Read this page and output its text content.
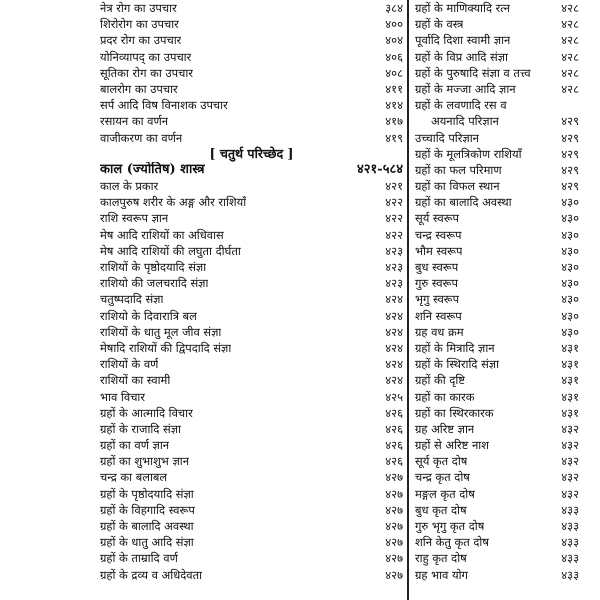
नेत्र रोग का उपचार	३८४
शिरोरोग का उपचार	४००
प्रदर रोग का उपचार	४०४
योनिव्यापद् का उपचार	४०६
सूतिका रोग का उपचार	४०८
बालरोग का उपचार	४११
सर्प आदि विष विनाशक उपचार	४१४
रसायन का वर्णन	४१७
वाजीकरण का वर्णन	४१९
[ चतुर्थ परिच्छेद ]
काल (ज्योतिष) शास्त्र	४२१-५८४
काल के प्रकार	४२१
कालपुरुष शरीर के अङ्ग और राशियाँ	४२२
राशि स्वरूप ज्ञान	४२२
मेष आदि राशियों का अधिवास	४२२
मेष आदि राशियों की लघुता दीर्घता	४२३
राशियों के पृष्ठोदयादि संज्ञा	४२३
राशियो की जलचरादि संज्ञा	४२३
चतुष्पदादि संज्ञा	४२४
राशियो के दिवारात्रि बल	४२४
राशियों के धातु मूल जीव संज्ञा	४२४
मेषादि राशियों की द्विपदादि संज्ञा	४२४
राशियों के वर्ण	४२४
राशियों का स्वामी	४२४
भाव विचार	४२५
ग्रहों के आत्मादि विचार	४२६
ग्रहों के राजादि संज्ञा	४२६
ग्रहों का वर्ण ज्ञान	४२६
ग्रहों का शुभाशुभ ज्ञान	४२६
चन्द्र का बलाबल	४२७
ग्रहों के पृष्ठोदयादि संज्ञा	४२७
ग्रहों के विहगादि स्वरूप	४२७
ग्रहों के बालादि अवस्था	४२७
ग्रहों के धातु आदि संज्ञा	४२७
ग्रहों के ताम्रादि वर्ण	४२७
ग्रहों के द्रव्य व अधिदेवता	४२७
ग्रहों के माणिक्यादि रत्न	४२८
ग्रहों के वस्त्र	४२८
पूर्वादि दिशा स्वामी ज्ञान	४२८
ग्रहों के विप्र आदि संज्ञा	४२८
ग्रहों के पुरुषादि संज्ञा व तत्त्व	४२८
ग्रहों के मज्जा आदि ज्ञान	४२८
ग्रहों के लवणादि रस व
अयनादि परिज्ञान	४२९
उच्चादि परिज्ञान	४२९
ग्रहों के मूलत्रिकोण राशियाँ	४२९
ग्रहों का फल परिमाण	४२९
ग्रहों का विफल स्थान	४२९
ग्रहों का बालादि अवस्था	४३०
सूर्य स्वरूप	४३०
चन्द्र स्वरूप	४३०
भौम स्वरूप	४३०
बुध स्वरूप	४३०
गुरु स्वरूप	४३०
भृगु स्वरूप	४३०
शनि स्वरूप	४३०
ग्रह वध क्रम	४३०
ग्रहों के मित्रादि ज्ञान	४३१
ग्रहों के स्थिरादि संज्ञा	४३१
ग्रहों की दृष्टि	४३१
ग्रहों का कारक	४३१
ग्रहों का स्थिरकारक	४३१
ग्रह अरिष्ट ज्ञान	४३२
ग्रहों से अरिष्ट नाश	४३२
सूर्य कृत दोष	४३२
चन्द्र कृत दोष	४३२
मङ्गल कृत दोष	४३२
बुध कृत दोष	४३३
गुरु भृगु कृत दोष	४३३
शनि केतु कृत दोष	४३३
राहु कृत दोष	४३३
ग्रह भाव योग	४३३
